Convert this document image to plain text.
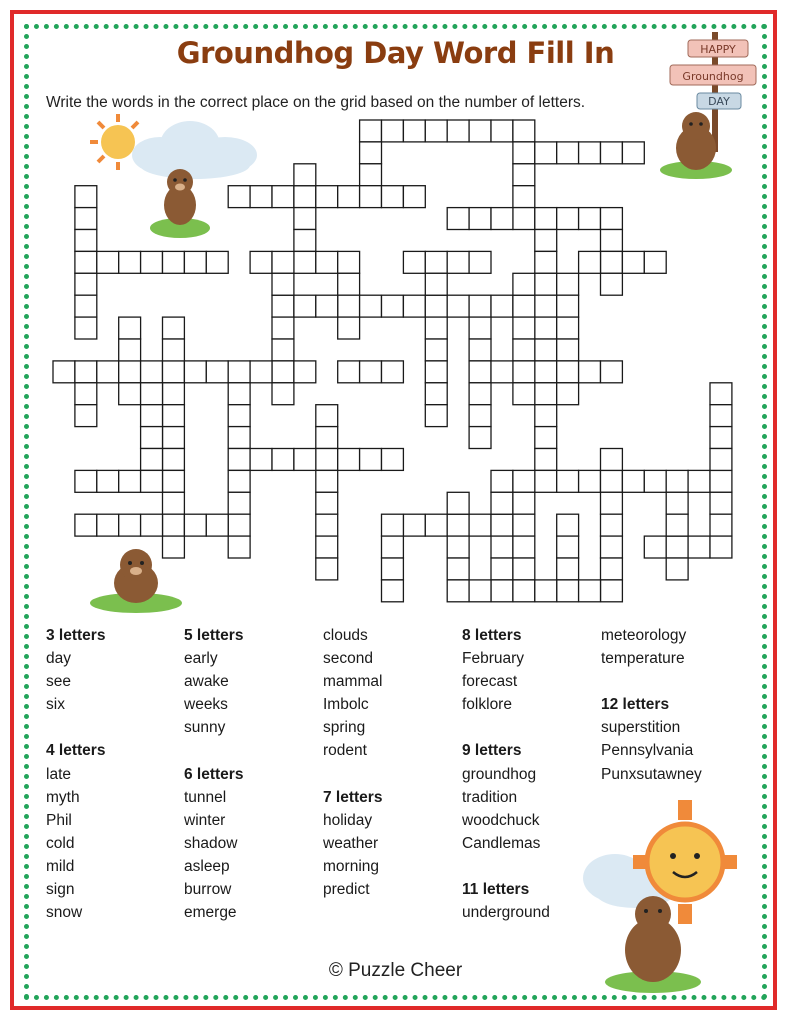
Groundhog Day Word Fill In

Write the words in the correct place on the grid based on the number of letters.

HAPPY
Groundhog
DAY
3 letters
day
see
six
4 letters
late
myth
Phil
cold
mild
sign
snow
5 letters
early
awake
weeks
sunny
6 letters
tunnel
winter
shadow
asleep
burrow
emerge
clouds
second
mammal
Imbolc
spring
rodent
7 letters
holiday
weather
morning
predict
8 letters
February
forecast
folklore
9 letters
groundhog
tradition
woodchuck
Candlemas
11 letters
underground
meteorology
temperature
12 letters
superstition
Pennsylvania
Punxsutawney
© Puzzle Cheer
